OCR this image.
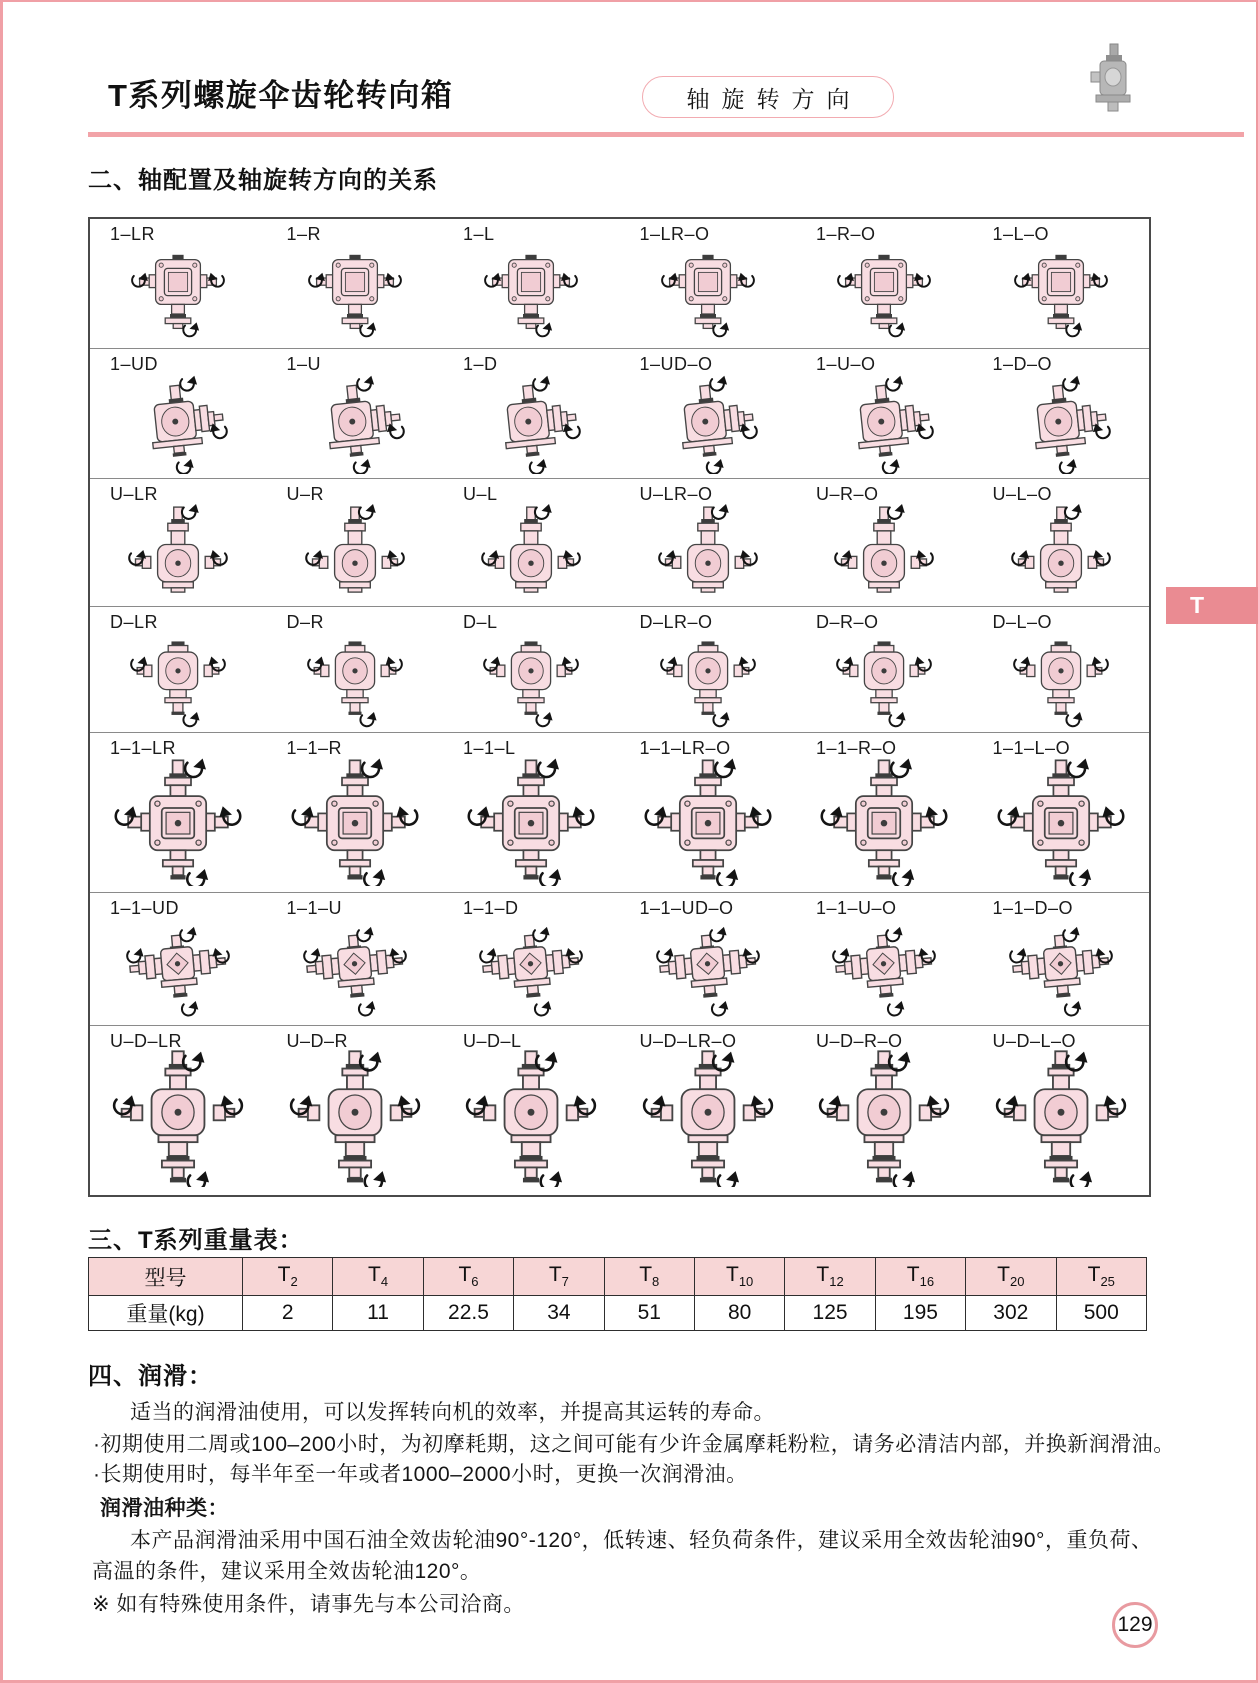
T系列螺旋伞齿轮转向箱	轴旋转方向
二、轴配置及轴旋转方向的关系
1–LR	1–R	1–L	1–LR–O	1–R–O	1–L–O
1–UD	1–U	1–D	1–UD–O	1–U–O	1–D–O
U–LR	U–R	U–L	U–LR–O	U–R–O	U–L–O
D–LR	D–R	D–L	D–LR–O	D–R–O	D–L–O
1–1–LR	1–1–R	1–1–L	1–1–LR–O	1–1–R–O	1–1–L–O
1–1–UD	1–1–U	1–1–D	1–1–UD–O	1–1–U–O	1–1–D–O
U–D–LR	U–D–R	U–D–L	U–D–LR–O	U–D–R–O	U–D–L–O
三、T系列重量表：
型号	$T_2$	$T_4$	$T_6$	$T_7$	$T_8$	$T_{10}$	$T_{12}$	$T_{16}$	$T_{20}$	$T_{25}$
重量(kg)	2	11	22.5	34	51	80	125	195	302	500
四、润滑：
适当的润滑油使用，可以发挥转向机的效率，并提高其运转的寿命。
·初期使用二周或100–200小时，为初摩耗期，这之间可能有少许金属摩耗粉粒，请务必清洁内部，并换新润滑油。
·长期使用时，每半年至一年或者1000–2000小时，更换一次润滑油。
润滑油种类：
本产品润滑油采用中国石油全效齿轮油90°-120°，低转速、轻负荷条件，建议采用全效齿轮油90°，重负荷、
高温的条件，建议采用全效齿轮油120°。
※ 如有特殊使用条件，请事先与本公司洽商。
129
T
